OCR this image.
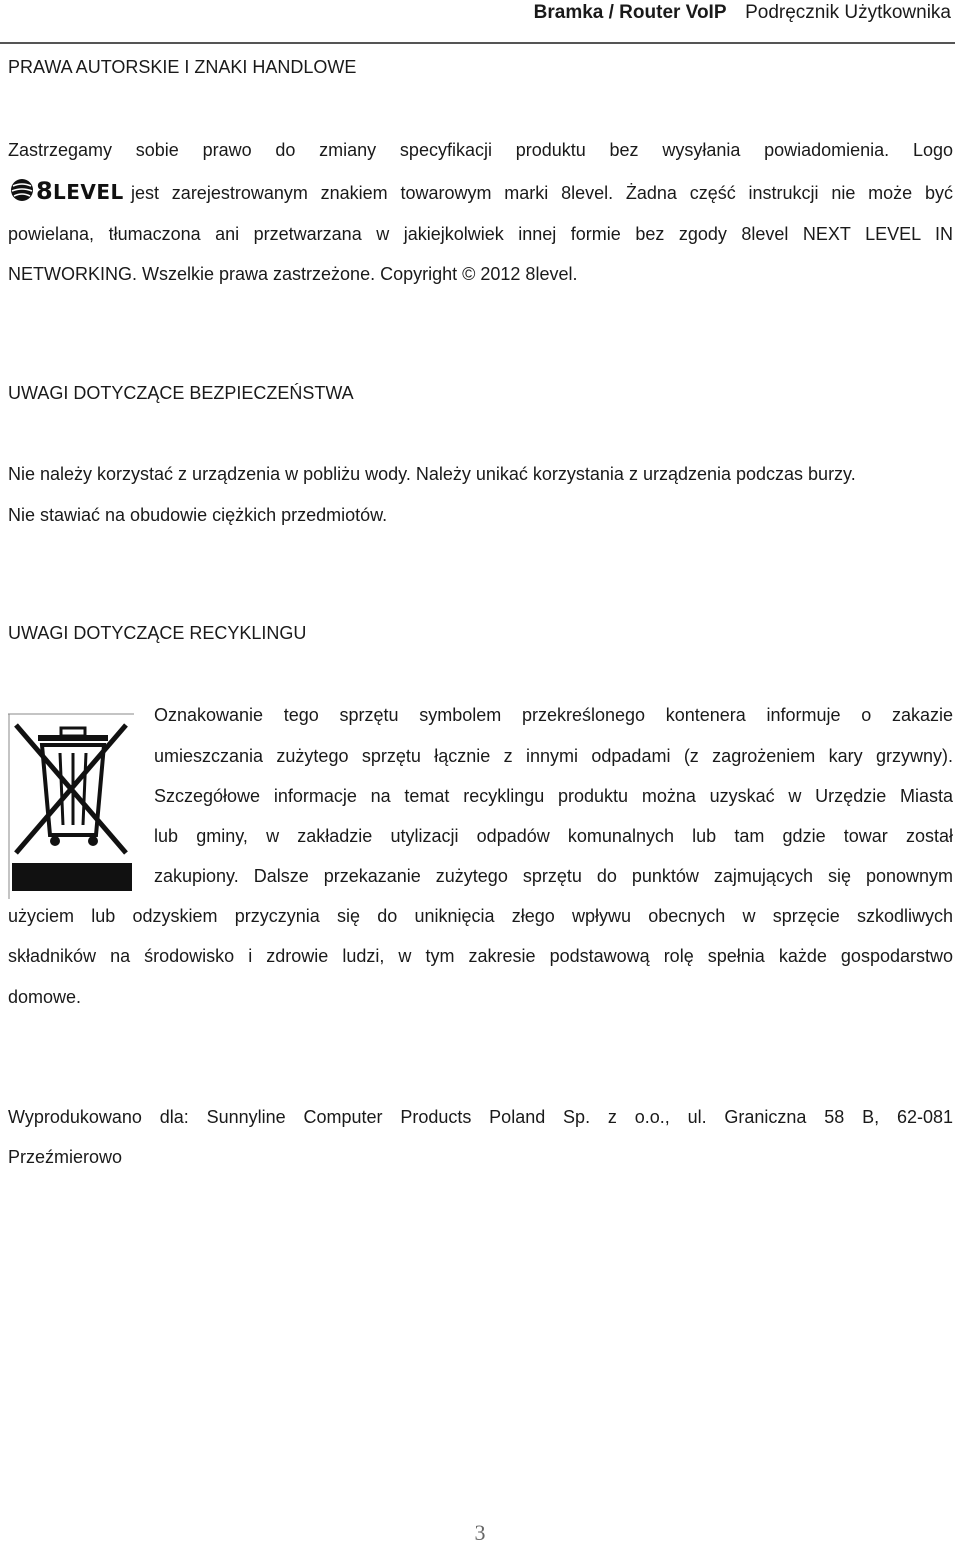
Bramka / Router VoIP Podręcznik Użytkownika
PRAWA AUTORSKIE I ZNAKI HANDLOWE
Zastrzegamy sobie prawo do zmiany specyfikacji produktu bez wysyłania powiadomienia. Logo
8 LEVEL jest zarejestrowanym znakiem towarowym marki 8level. Żadna część instrukcji nie może być
powielana, tłumaczona ani przetwarzana w jakiejkolwiek innej formie bez zgody 8level NEXT LEVEL IN
NETWORKING. Wszelkie prawa zastrzeżone. Copyright © 2012 8level.
UWAGI DOTYCZĄCE BEZPIECZEŃSTWA
Nie należy korzystać z urządzenia w pobliżu wody. Należy unikać korzystania z urządzenia podczas burzy.
Nie stawiać na obudowie ciężkich przedmiotów.
UWAGI DOTYCZĄCE RECYKLINGU
Oznakowanie tego sprzętu symbolem przekreślonego kontenera informuje o zakazie
umieszczania zużytego sprzętu łącznie z innymi odpadami (z zagrożeniem kary grzywny).
Szczegółowe informacje na temat recyklingu produktu można uzyskać w Urzędzie Miasta
lub gminy, w zakładzie utylizacji odpadów komunalnych lub tam gdzie towar został
zakupiony. Dalsze przekazanie zużytego sprzętu do punktów zajmujących się ponownym
użyciem lub odzyskiem przyczynia się do uniknięcia złego wpływu obecnych w sprzęcie szkodliwych
składników na środowisko i zdrowie ludzi, w tym zakresie podstawową rolę spełnia każde gospodarstwo
domowe.
Wyprodukowano dla: Sunnyline Computer Products Poland Sp. z o.o., ul. Graniczna 58 B, 62-081
Przeźmierowo
3
